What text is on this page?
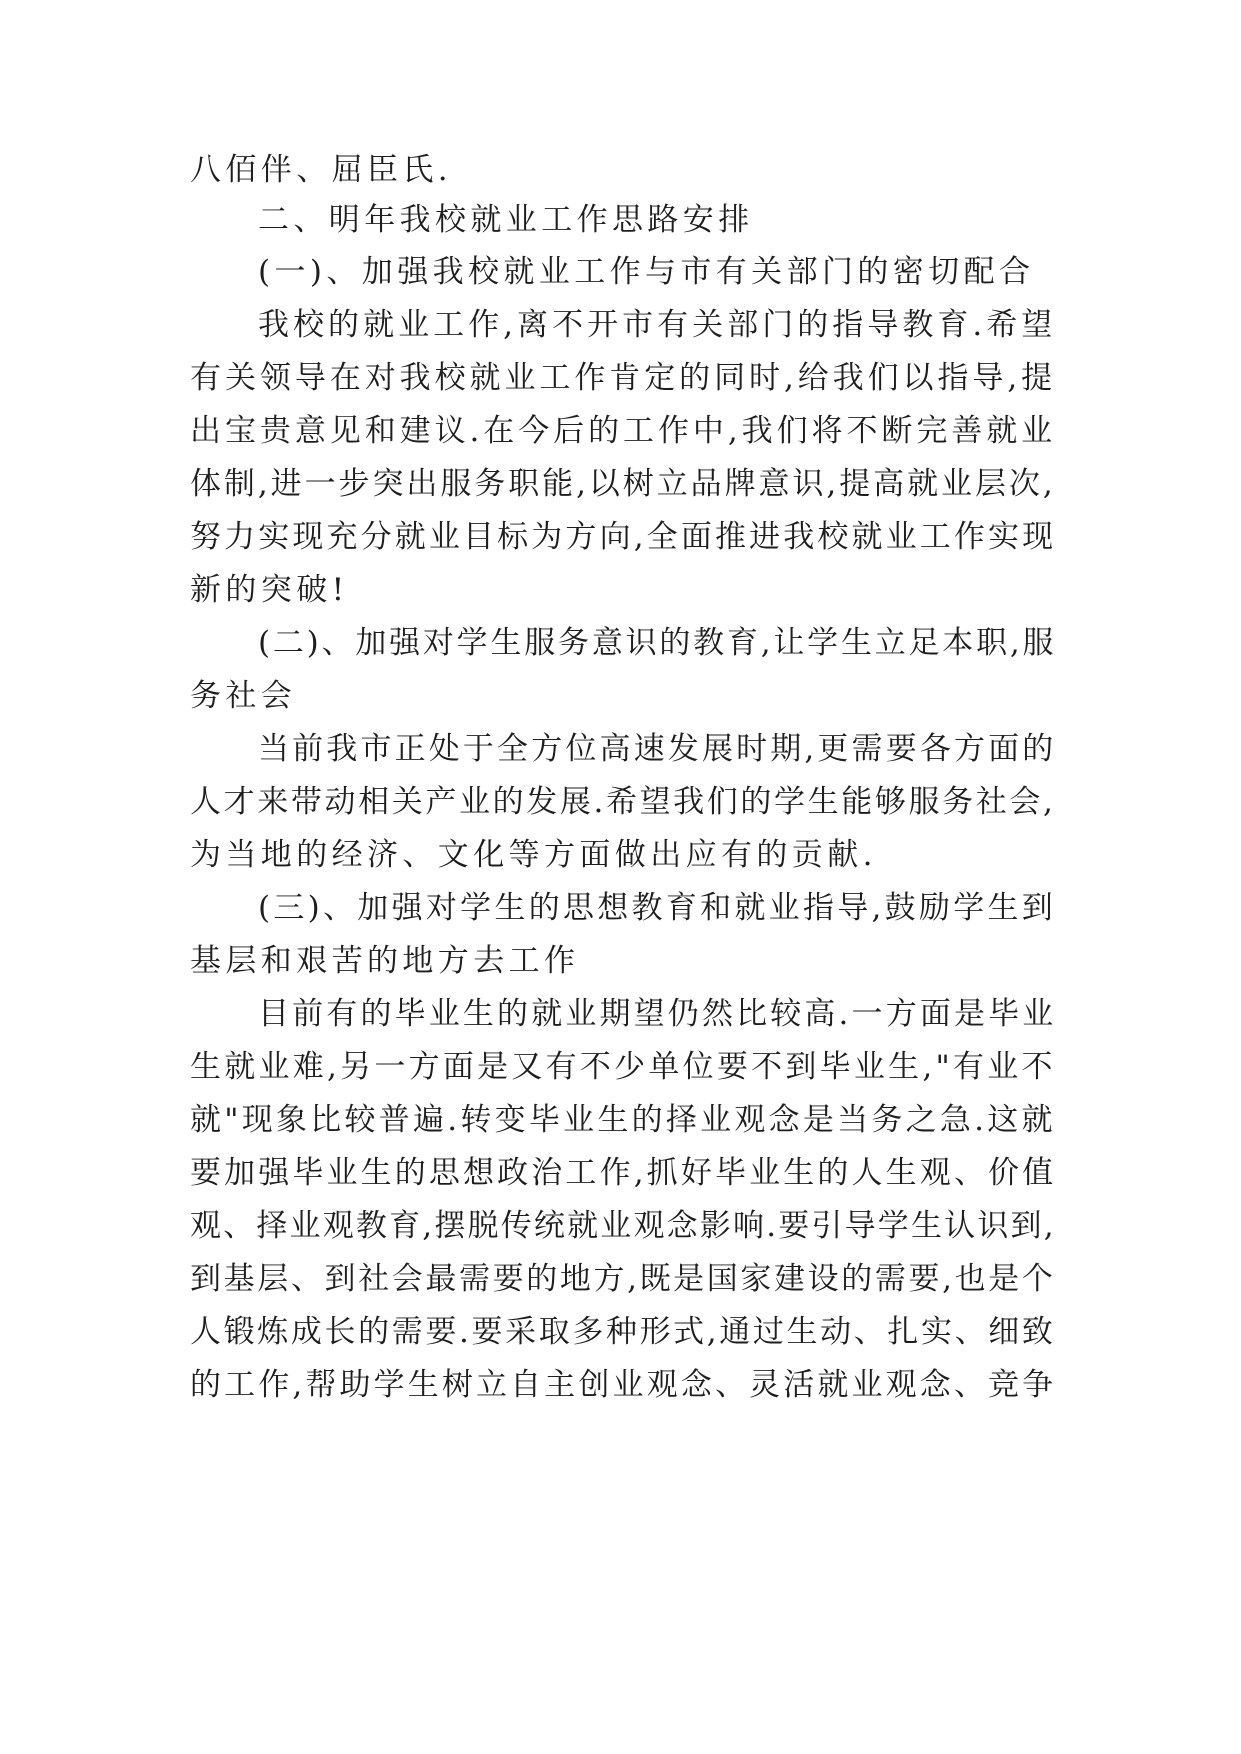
八佰伴、屈臣氏.
二、明年我校就业工作思路安排
(一)、加强我校就业工作与市有关部门的密切配合
我校的就业工作,离不开市有关部门的指导教育.希望
有关领导在对我校就业工作肯定的同时,给我们以指导,提
出宝贵意见和建议.在今后的工作中,我们将不断完善就业
体制,进一步突出服务职能,以树立品牌意识,提高就业层次,
努力实现充分就业目标为方向,全面推进我校就业工作实现
新的突破!
(二)、加强对学生服务意识的教育,让学生立足本职,服
务社会
当前我市正处于全方位高速发展时期,更需要各方面的
人才来带动相关产业的发展.希望我们的学生能够服务社会,
为当地的经济、文化等方面做出应有的贡献.
(三)、加强对学生的思想教育和就业指导,鼓励学生到
基层和艰苦的地方去工作
目前有的毕业生的就业期望仍然比较高.一方面是毕业
生就业难,另一方面是又有不少单位要不到毕业生,"有业不
就"现象比较普遍.转变毕业生的择业观念是当务之急.这就
要加强毕业生的思想政治工作,抓好毕业生的人生观、价值
观、择业观教育,摆脱传统就业观念影响.要引导学生认识到,
到基层、到社会最需要的地方,既是国家建设的需要,也是个
人锻炼成长的需要.要采取多种形式,通过生动、扎实、细致
的工作,帮助学生树立自主创业观念、灵活就业观念、竞争
